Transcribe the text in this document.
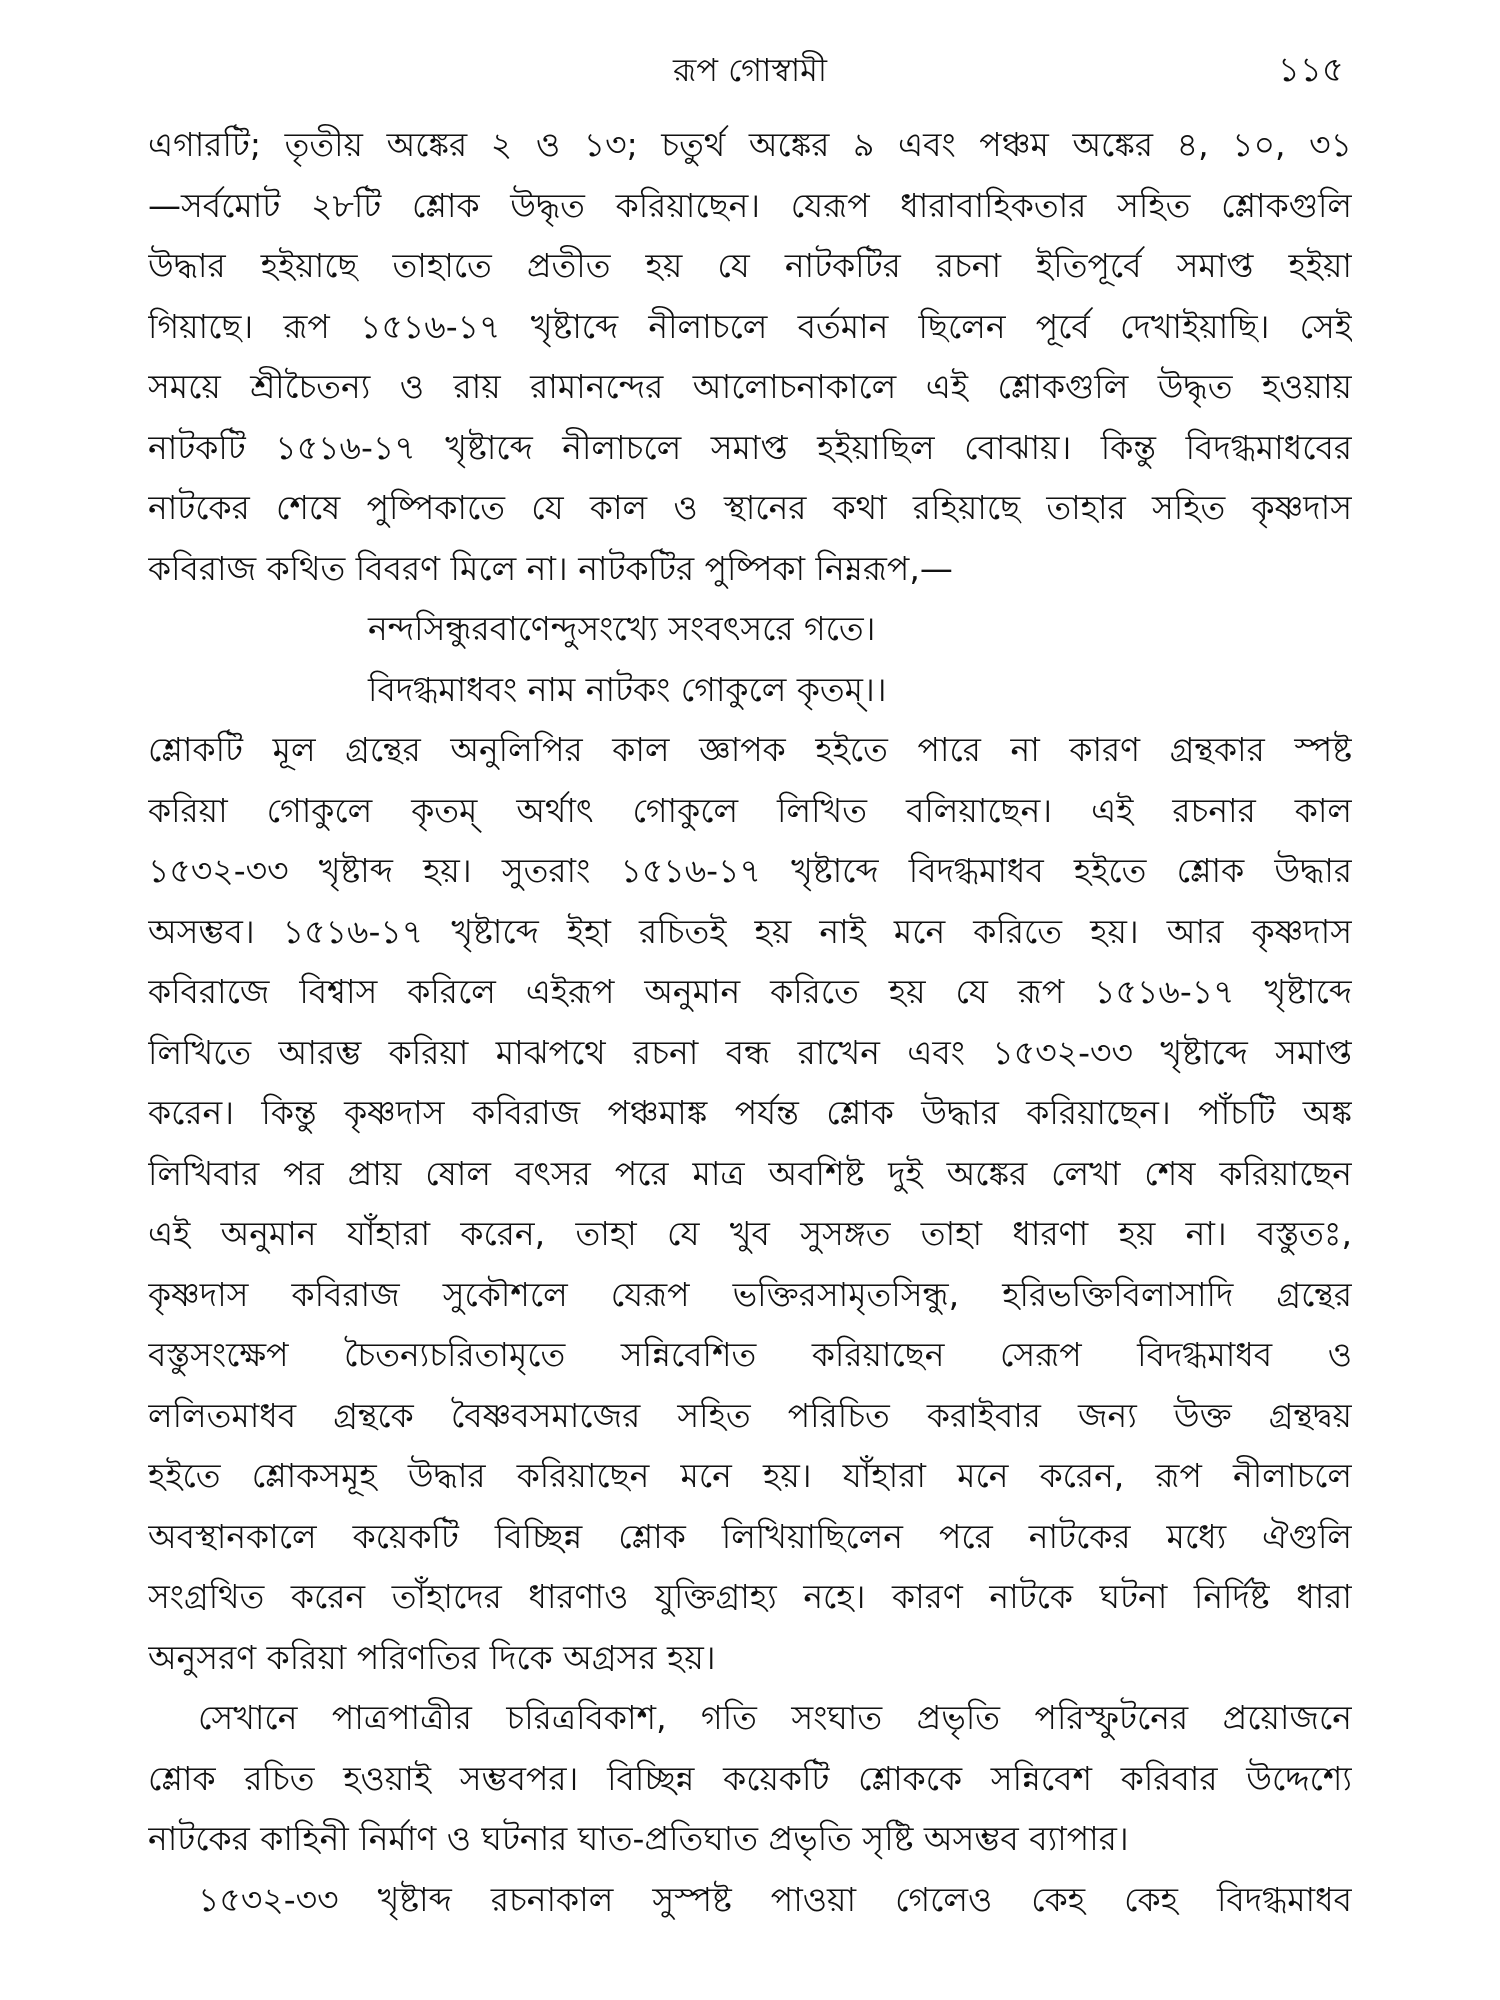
রূপ গোস্বামী	১১৫
এগারটি; তৃতীয় অঙ্কের ২ ও ১৩; চতুর্থ অঙ্কের ৯ এবং পঞ্চম অঙ্কের ৪, ১০, ৩১
—সর্বমোট ২৮টি শ্লোক উদ্ধৃত করিয়াছেন। যেরূপ ধারাবাহিকতার সহিত শ্লোকগুলি
উদ্ধার হইয়াছে তাহাতে প্রতীত হয় যে নাটকটির রচনা ইতিপূর্বে সমাপ্ত হইয়া
গিয়াছে। রূপ ১৫১৬-১৭ খৃষ্টাব্দে নীলাচলে বর্তমান ছিলেন পূর্বে দেখাইয়াছি। সেই
সময়ে শ্রীচৈতন্য ও রায় রামানন্দের আলোচনাকালে এই শ্লোকগুলি উদ্ধৃত হওয়ায়
নাটকটি ১৫১৬-১৭ খৃষ্টাব্দে নীলাচলে সমাপ্ত হইয়াছিল বোঝায়। কিন্তু বিদগ্ধমাধবের
নাটকের শেষে পুষ্পিকাতে যে কাল ও স্থানের কথা রহিয়াছে তাহার সহিত কৃষ্ণদাস
কবিরাজ কথিত বিবরণ মিলে না। নাটকটির পুষ্পিকা নিম্নরূপ,—
নন্দসিন্ধুরবাণেন্দুসংখ্যে সংবৎসরে গতে।
বিদগ্ধমাধবং নাম নাটকং গোকুলে কৃতম্।।
শ্লোকটি মূল গ্রন্থের অনুলিপির কাল জ্ঞাপক হইতে পারে না কারণ গ্রন্থকার স্পষ্ট
করিয়া গোকুলে কৃতম্ অর্থাৎ গোকুলে লিখিত বলিয়াছেন। এই রচনার কাল
১৫৩২-৩৩ খৃষ্টাব্দ হয়। সুতরাং ১৫১৬-১৭ খৃষ্টাব্দে বিদগ্ধমাধব হইতে শ্লোক উদ্ধার
অসম্ভব। ১৫১৬-১৭ খৃষ্টাব্দে ইহা রচিতই হয় নাই মনে করিতে হয়। আর কৃষ্ণদাস
কবিরাজে বিশ্বাস করিলে এইরূপ অনুমান করিতে হয় যে রূপ ১৫১৬-১৭ খৃষ্টাব্দে
লিখিতে আরম্ভ করিয়া মাঝপথে রচনা বন্ধ রাখেন এবং ১৫৩২-৩৩ খৃষ্টাব্দে সমাপ্ত
করেন। কিন্তু কৃষ্ণদাস কবিরাজ পঞ্চমাঙ্ক পর্যন্ত শ্লোক উদ্ধার করিয়াছেন। পাঁচটি অঙ্ক
লিখিবার পর প্রায় ষোল বৎসর পরে মাত্র অবশিষ্ট দুই অঙ্কের লেখা শেষ করিয়াছেন
এই অনুমান যাঁহারা করেন, তাহা যে খুব সুসঙ্গত তাহা ধারণা হয় না। বস্তুতঃ,
কৃষ্ণদাস কবিরাজ সুকৌশলে যেরূপ ভক্তিরসামৃতসিন্ধু, হরিভক্তিবিলাসাদি গ্রন্থের
বস্তুসংক্ষেপ চৈতন্যচরিতামৃতে সন্নিবেশিত করিয়াছেন সেরূপ বিদগ্ধমাধব ও
ললিতমাধব গ্রন্থকে বৈষ্ণবসমাজের সহিত পরিচিত করাইবার জন্য উক্ত গ্রন্থদ্বয়
হইতে শ্লোকসমূহ উদ্ধার করিয়াছেন মনে হয়। যাঁহারা মনে করেন, রূপ নীলাচলে
অবস্থানকালে কয়েকটি বিচ্ছিন্ন শ্লোক লিখিয়াছিলেন পরে নাটকের মধ্যে ঐগুলি
সংগ্রথিত করেন তাঁহাদের ধারণাও যুক্তিগ্রাহ্য নহে। কারণ নাটকে ঘটনা নির্দিষ্ট ধারা
অনুসরণ করিয়া পরিণতির দিকে অগ্রসর হয়।
সেখানে পাত্রপাত্রীর চরিত্রবিকাশ, গতি সংঘাত প্রভৃতি পরিস্ফুটনের প্রয়োজনে
শ্লোক রচিত হওয়াই সম্ভবপর। বিচ্ছিন্ন কয়েকটি শ্লোককে সন্নিবেশ করিবার উদ্দেশ্যে
নাটকের কাহিনী নির্মাণ ও ঘটনার ঘাত-প্রতিঘাত প্রভৃতি সৃষ্টি অসম্ভব ব্যাপার।
১৫৩২-৩৩ খৃষ্টাব্দ রচনাকাল সুস্পষ্ট পাওয়া গেলেও কেহ কেহ বিদগ্ধমাধব
